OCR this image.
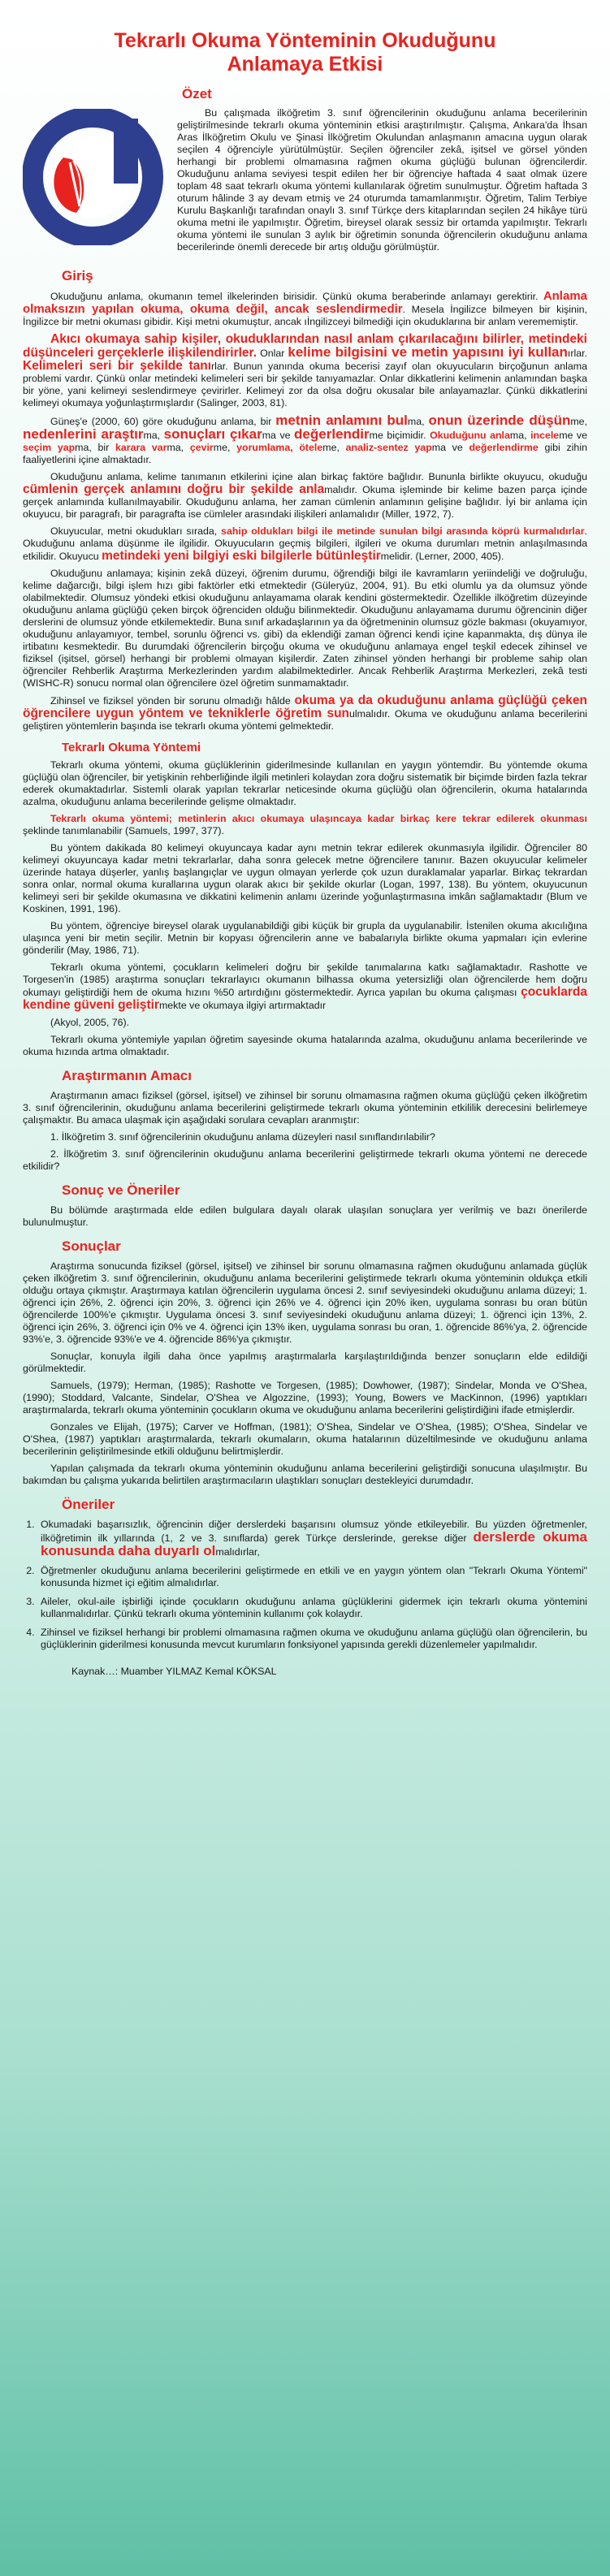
Tekrarlı Okuma Yönteminin Okuduğunu Anlamaya Etkisi
Özet

Bu çalışmada ilköğretim 3. sınıf öğrencilerinin okuduğunu anlama becerilerinin geliştirilmesinde tekrarlı okuma yönteminin etkisi araştırılmıştır. Çalışma, Ankara'da İhsan Aras İlköğretim Okulu ve Şinasi İlköğretim Okulundan anlaşmanın amacına uygun olarak seçilen 4 öğrenciyle yürütülmüştür. Seçilen öğrenciler zekâ, işitsel ve görsel yönden herhangi bir problemi olmamasına rağmen okuma güçlüğü bulunan öğrencilerdir. Okuduğunu anlama seviyesi tespit edilen her bir öğrenciye haftada 4 saat olmak üzere toplam 48 saat tekrarlı okuma yöntemi kullanılarak öğretim sunulmuştur. Öğretim haftada 3 oturum hâlinde 3 ay devam etmiş ve 24 oturumda tamamlanmıştır. Öğretim, Talim Terbiye Kurulu Başkanlığı tarafından onaylı 3. sınıf Türkçe ders kitaplarından seçilen 24 hikâye türü okuma metni ile yapılmıştır. Öğretim, bireysel olarak sessiz bir ortamda yapılmıştır. Tekrarlı okuma yöntemi ile sunulan 3 aylık bir öğretimin sonunda öğrencilerin okuduğunu anlama becerilerinde önemli derecede bir artış olduğu görülmüştür.

Giriş

Okuduğunu anlama, okumanın temel ilkelerinden birisidir. Çünkü okuma beraberinde anlamayı gerektirir. Anlama olmaksızın yapılan okuma, okuma değil, ancak seslendirmedir. Mesela İngilizce bilmeyen bir kişinin, İngilizce bir metni okuması gibidir. Kişi metni okumuştur, ancak ıİngilizceyi bilmediği için okuduklarına bir anlam verememiştir.

Akıcı okumaya sahip kişiler, okuduklarından nasıl anlam çıkarılacağını bilirler, metindeki düşünceleri gerçeklerle ilişkilendirirler. Onlar kelime bilgisini ve metin yapısını iyi kullanırlar. Kelimeleri seri bir şekilde tanırlar. Bunun yanında okuma becerisi zayıf olan okuyucuların birçoğunun anlama problemi vardır. Çünkü onlar metindeki kelimeleri seri bir şekilde tanıyamazlar. Onlar dikkatlerini kelimenin anlamından başka bir yöne, yani kelimeyi seslendirmeye çevirirler. Kelimeyi zor da olsa doğru okusalar bile anlayamazlar. Çünkü dikkatlerini kelimeyi okumaya yoğunlaştırmışlardır (Salinger, 2003, 81).

Güneş'e (2000, 60) göre okuduğunu anlama, bir metnin anlamını bulma, onun üzerinde düşünme, nedenlerini araştırma, sonuçları çıkarma ve değerlendirme biçimidir. Okuduğunu anlama, inceleme ve seçim yapma, bir karara varma, çevirme, yorumlama, öteleme, analiz-sentez yapma ve değerlendirme gibi zihin faaliyetlerini içine almaktadır.

Okuduğunu anlama, kelime tanımanın etkilerini içine alan birkaç faktöre bağlıdır. Bununla birlikte okuyucu, okuduğu cümlenin gerçek anlamını doğru bir şekilde anlamalıdır. Okuma işleminde bir kelime bazen parça içinde gerçek anlamında kullanılmayabilir. Okuduğunu anlama, her zaman cümlenin anlamının gelişine bağlıdır. İyi bir anlama için okuyucu, bir paragrafı, bir paragrafta ise cümleler arasındaki ilişkileri anlamalıdır (Miller, 1972, 7).

Okuyucular, metni okudukları sırada, sahip oldukları bilgi ile metinde sunulan bilgi arasında köprü kurmalıdırlar. Okuduğunu anlama düşünme ile ilgilidir. Okuyucuların geçmiş bilgileri, ilgileri ve okuma durumları metnin anlaşılmasında etkilidir. Okuyucu metindeki yeni bilgiyi eski bilgilerle bütünleştirmelidir. (Lerner, 2000, 405).

Okuduğunu anlamaya; kişinin zekâ düzeyi, öğrenim durumu, öğrendiği bilgi ile kavramların yeriindeliği ve doğruluğu, kelime dağarcığı, bilgi işlem hızı gibi faktörler etki etmektedir (Güleryüz, 2004, 91). Bu etki olumlu ya da olumsuz yönde olabilmektedir. Olumsuz yöndeki etkisi okuduğunu anlayamama olarak kendini göstermektedir. Özellikle ilköğretim düzeyinde okuduğunu anlama güçlüğü çeken birçok öğrenciden olduğu bilinmektedir. Okuduğunu anlayamama durumu öğrencinin diğer derslerini de olumsuz yönde etkilemektedir. Buna sınıf arkadaşlarının ya da öğretmeninin olumsuz gözle bakması (okuyamıyor, okuduğunu anlayamıyor, tembel, sorunlu öğrenci vs. gibi) da eklendiği zaman öğrenci kendi içine kapanmakta, dış dünya ile irtibatını kesmektedir. Bu durumdaki öğrencilerin birçoğu okuma ve okuduğunu anlamaya engel teşkil edecek zihinsel ve fiziksel (işitsel, görsel) herhangi bir problemi olmayan kişilerdir. Zaten zihinsel yönden herhangi bir probleme sahip olan öğrenciler Rehberlik Araştırma Merkezlerinden yardım alabilmektedirler. Ancak Rehberlik Araştırma Merkezleri, zekâ testi (WISHC-R) sonucu normal olan öğrencilere özel öğretim sunmamaktadır.

Zihinsel ve fiziksel yönden bir sorunu olmadığı hâlde okuma ya da okuduğunu anlama güçlüğü çeken öğrencilere uygun yöntem ve tekniklerle öğretim sunulmalıdır. Okuma ve okuduğunu anlama becerilerini geliştiren yöntemlerin başında ise tekrarlı okuma yöntemi gelmektedir.

Tekrarlı Okuma Yöntemi

Tekrarlı okuma yöntemi, okuma güçlüklerinin giderilmesinde kullanılan en yaygın yöntemdir. Bu yöntemde okuma güçlüğü olan öğrenciler, bir yetişkinin rehberliğinde ilgili metinleri kolaydan zora doğru sistematik bir biçimde birden fazla tekrar ederek okumaktadırlar. Sistemli olarak yapılan tekrarlar neticesinde okuma güçlüğü olan öğrencilerin, okuma hatalarında azalma, okuduğunu anlama becerilerinde gelişme olmaktadır.

Tekrarlı okuma yöntemi; metinlerin akıcı okumaya ulaşıncaya kadar birkaç kere tekrar edilerek okunması şeklinde tanımlanabilir (Samuels, 1997, 377).

Bu yöntem dakikada 80 kelimeyi okuyuncaya kadar aynı metnin tekrar edilerek okunmasıyla ilgilidir. Öğrenciler 80 kelimeyi okuyuncaya kadar metni tekrarlarlar, daha sonra gelecek metne öğrencilere tanınır. Bazen okuyucular kelimeler üzerinde hataya düşerler, yanlış başlangıçlar ve uygun olmayan yerlerde çok uzun duraklamalar yaparlar. Birkaç tekrardan sonra onlar, normal okuma kurallarına uygun olarak akıcı bir şekilde okurlar (Logan, 1997, 138). Bu yöntem, okuyucunun kelimeyi seri bir şekilde okumasına ve dikkatini kelimenin anlamı üzerinde yoğunlaştırmasına imkân sağlamaktadır (Blum ve Koskinen, 1991, 196).

Bu yöntem, öğrenciye bireysel olarak uygulanabildiği gibi küçük bir grupla da uygulanabilir. İstenilen okuma akıcılığına ulaşınca yeni bir metin seçilir. Metnin bir kopyası öğrencilerin anne ve babalarıyla birlikte okuma yapmaları için evlerine gönderilir (May, 1986, 71).

Tekrarlı okuma yöntemi, çocukların kelimeleri doğru bir şekilde tanımalarına katkı sağlamaktadır. Rashotte ve Torgesen'in (1985) araştırma sonuçları tekrarlayıcı okumanın bilhassa okuma yetersizliği olan öğrencilerde hem doğru okumayı geliştirdiği hem de okuma hızını %50 artırdığını göstermektedir. Ayrıca yapılan bu okuma çalışması çocuklarda kendine güveni geliştirmekte ve okumaya ilgiyi artırmaktadır

(Akyol, 2005, 76).

Tekrarlı okuma yöntemiyle yapılan öğretim sayesinde okuma hatalarında azalma, okuduğunu anlama becerilerinde ve okuma hızında artma olmaktadır.

Araştırmanın Amacı

Araştırmanın amacı fiziksel (görsel, işitsel) ve zihinsel bir sorunu olmamasına rağmen okuma güçlüğü çeken ilköğretim 3. sınıf öğrencilerinin, okuduğunu anlama becerilerini geliştirmede tekrarlı okuma yönteminin etkililik derecesini belirlemeye çalışmaktır. Bu amaca ulaşmak için aşağıdaki sorulara cevapları aranmıştır:

1. İlköğretim 3. sınıf öğrencilerinin okuduğunu anlama düzeyleri nasıl sınıflandırılabilir?

2. İlköğretim 3. sınıf öğrencilerinin okuduğunu anlama becerilerini geliştirmede tekrarlı okuma yöntemi ne derecede etkilidir?

Sonuç ve Öneriler

Bu bölümde araştırmada elde edilen bulgulara dayalı olarak ulaşılan sonuçlara yer verilmiş ve bazı önerilerde bulunulmuştur.

Sonuçlar

Araştırma sonucunda fiziksel (görsel, işitsel) ve zihinsel bir sorunu olmamasına rağmen okuduğunu anlamada güçlük çeken ilköğretim 3. sınıf öğrencilerinin, okuduğunu anlama becerilerini geliştirmede tekrarlı okuma yönteminin oldukça etkili olduğu ortaya çıkmıştır. Araştırmaya katılan öğrencilerin uygulama öncesi 2. sınıf seviyesindeki okuduğunu anlama düzeyi; 1. öğrenci için 26%, 2. öğrenci için 20%, 3. öğrenci için 26% ve 4. öğrenci için 20% iken, uygulama sonrası bu oran bütün öğrencilerde 100%'e çıkmıştır. Uygulama öncesi 3. sınıf seviyesindeki okuduğunu anlama düzeyi; 1. öğrenci için 13%, 2. öğrenci için 26%, 3. öğrenci için 0% ve 4. öğrenci için 13% iken, uygulama sonrası bu oran, 1. öğrencide 86%'ya, 2. öğrencide 93%'e, 3. öğrencide 93%'e ve 4. öğrencide 86%'ya çıkmıştır.

Sonuçlar, konuyla ilgili daha önce yapılmış araştırmalarla karşılaştırıldığında benzer sonuçların elde edildiği görülmektedir.

Samuels, (1979); Herman, (1985); Rashotte ve Torgesen, (1985); Dowhower, (1987); Sindelar, Monda ve O'Shea, (1990); Stoddard, Valcante, Sindelar, O'Shea ve Algozzine, (1993); Young, Bowers ve MacKinnon, (1996) yaptıkları araştırmalarda, tekrarlı okuma yönteminin çocukların okuma ve okuduğunu anlama becerilerini geliştirdiğini ifade etmişlerdir.

Gonzales ve Elijah, (1975); Carver ve Hoffman, (1981); O'Shea, Sindelar ve O'Shea, (1985); O'Shea, Sindelar ve O'Shea, (1987) yaptıkları araştırmalarda, tekrarlı okumaların, okuma hatalarının düzeltilmesinde ve okuduğunu anlama becerilerinin geliştirilmesinde etkili olduğunu belirtmişlerdir.

Yapılan çalışmada da tekrarlı okuma yönteminin okuduğunu anlama becerilerini geliştirdiği sonucuna ulaşılmıştır. Bu bakımdan bu çalışma yukarıda belirtilen araştırmacıların ulaştıkları sonuçları destekleyici durumdadır.

Öneriler
1. Okumadaki başarısızlık, öğrencinin diğer derslerdeki başarısını olumsuz yönde etkileyebilir. Bu yüzden öğretmenler, ilköğretimin ilk yıllarında (1, 2 ve 3. sınıflarda) gerek Türkçe derslerinde, gerekse diğer derslerde okuma konusunda daha duyarlı olmalıdırlar,
2. Öğretmenler okuduğunu anlama becerilerini geliştirmede en etkili ve en yaygın yöntem olan "Tekrarlı Okuma Yöntemi" konusunda hizmet içi eğitim almalıdırlar.
3. Aileler, okul-aile işbirliği içinde çocukların okuduğunu anlama güçlüklerini gidermek için tekrarlı okuma yöntemini kullanmalıdırlar. Çünkü tekrarlı okuma yönteminin kullanımı çok kolaydır.
4. Zihinsel ve fiziksel herhangi bir problemi olmamasına rağmen okuma ve okuduğunu anlama güçlüğü olan öğrencilerin, bu güçlüklerinin giderilmesi konusunda mevcut kurumların fonksiyonel yapısında gerekli düzenlemeler yapılmalıdır.
Kaynak…: Muamber YILMAZ Kemal KÖKSAL
